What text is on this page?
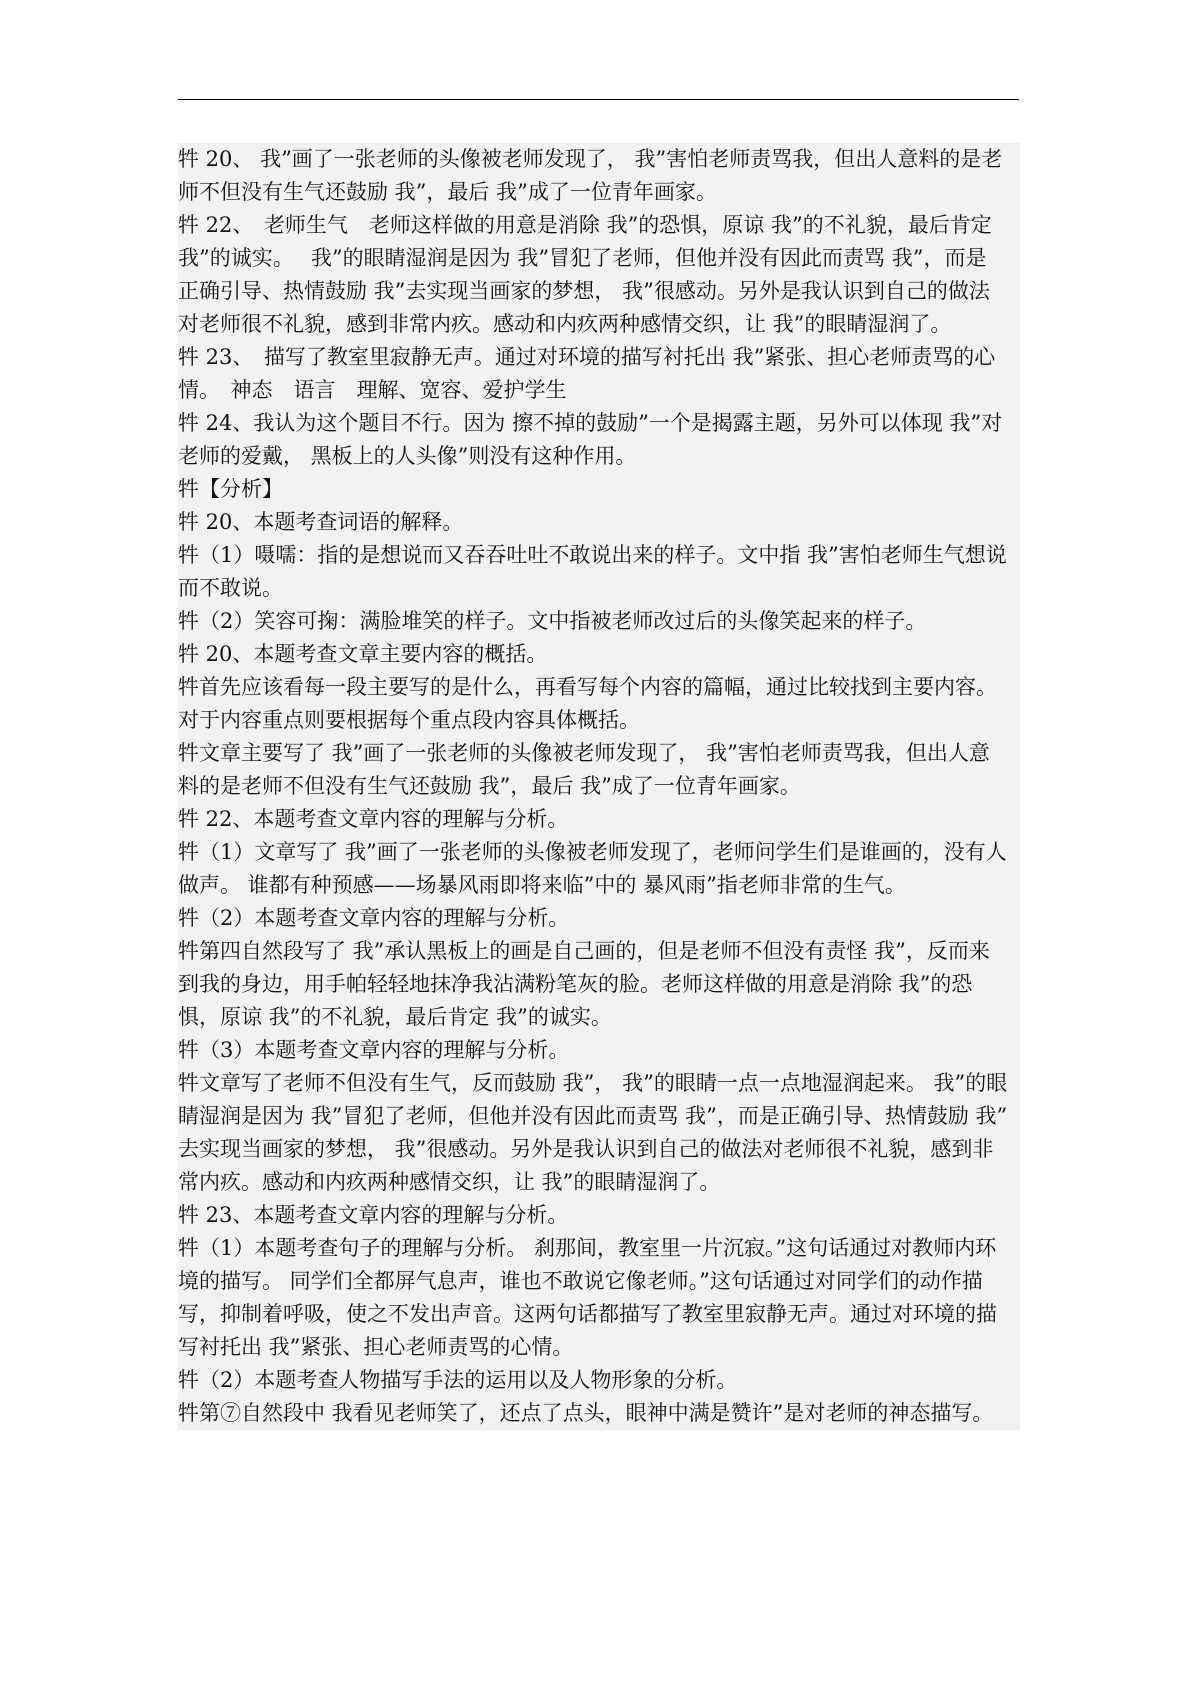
牪 20、 我”画了一张老师的头像被老师发现了， 我”害怕老师责骂我，但出人意料的是老
师不但没有生气还鼓励 我”，最后 我”成了一位青年画家。
牪 22、　老师生气　老师这样做的用意是消除 我”的恐惧，原谅 我”的不礼貌，最后肯定
我”的诚实。　 我”的眼睛湿润是因为 我”冒犯了老师，但他并没有因此而责骂 我”，而是
正确引导、热情鼓励 我”去实现当画家的梦想， 我”很感动。另外是我认识到自己的做法
对老师很不礼貌，感到非常内疚。感动和内疚两种感情交织，让 我”的眼睛湿润了。
牪 23、　描写了教室里寂静无声。通过对环境的描写衬托出 我”紧张、担心老师责骂的心
情。　神态　语言　理解、宽容、爱护学生
牪 24、我认为这个题目不行。因为 擦不掉的鼓励”一个是揭露主题，另外可以体现 我”对
老师的爱戴， 黑板上的人头像”则没有这种作用。
牪【分析】
牪 20、本题考查词语的解释。
牪（1）嗫嚅：指的是想说而又吞吞吐吐不敢说出来的样子。文中指 我”害怕老师生气想说
而不敢说。
牪（2）笑容可掬：满脸堆笑的样子。文中指被老师改过后的头像笑起来的样子。
牪 20、本题考查文章主要内容的概括。
牪首先应该看每一段主要写的是什么，再看写每个内容的篇幅，通过比较找到主要内容。
对于内容重点则要根据每个重点段内容具体概括。
牪文章主要写了 我”画了一张老师的头像被老师发现了， 我”害怕老师责骂我，但出人意
料的是老师不但没有生气还鼓励 我”，最后 我”成了一位青年画家。
牪 22、本题考查文章内容的理解与分析。
牪（1）文章写了 我”画了一张老师的头像被老师发现了，老师问学生们是谁画的，没有人
做声。 谁都有种预感——场暴风雨即将来临”中的 暴风雨”指老师非常的生气。
牪（2）本题考查文章内容的理解与分析。
牪第四自然段写了 我”承认黑板上的画是自己画的，但是老师不但没有责怪 我”，反而来
到我的身边，用手帕轻轻地抹净我沾满粉笔灰的脸。老师这样做的用意是消除 我”的恐
惧，原谅 我”的不礼貌，最后肯定 我”的诚实。
牪（3）本题考查文章内容的理解与分析。
牪文章写了老师不但没有生气，反而鼓励 我”， 我”的眼睛一点一点地湿润起来。 我”的眼
睛湿润是因为 我”冒犯了老师，但他并没有因此而责骂 我”，而是正确引导、热情鼓励 我”
去实现当画家的梦想， 我”很感动。另外是我认识到自己的做法对老师很不礼貌，感到非
常内疚。感动和内疚两种感情交织，让 我”的眼睛湿润了。
牪 23、本题考查文章内容的理解与分析。
牪（1）本题考查句子的理解与分析。 刹那间，教室里一片沉寂。”这句话通过对教师内环
境的描写。 同学们全都屏气息声，谁也不敢说它像老师。”这句话通过对同学们的动作描
写，抑制着呼吸，使之不发出声音。这两句话都描写了教室里寂静无声。通过对环境的描
写衬托出 我”紧张、担心老师责骂的心情。
牪（2）本题考查人物描写手法的运用以及人物形象的分析。
牪第⑦自然段中 我看见老师笑了，还点了点头，眼神中满是赞许”是对老师的神态描写。
